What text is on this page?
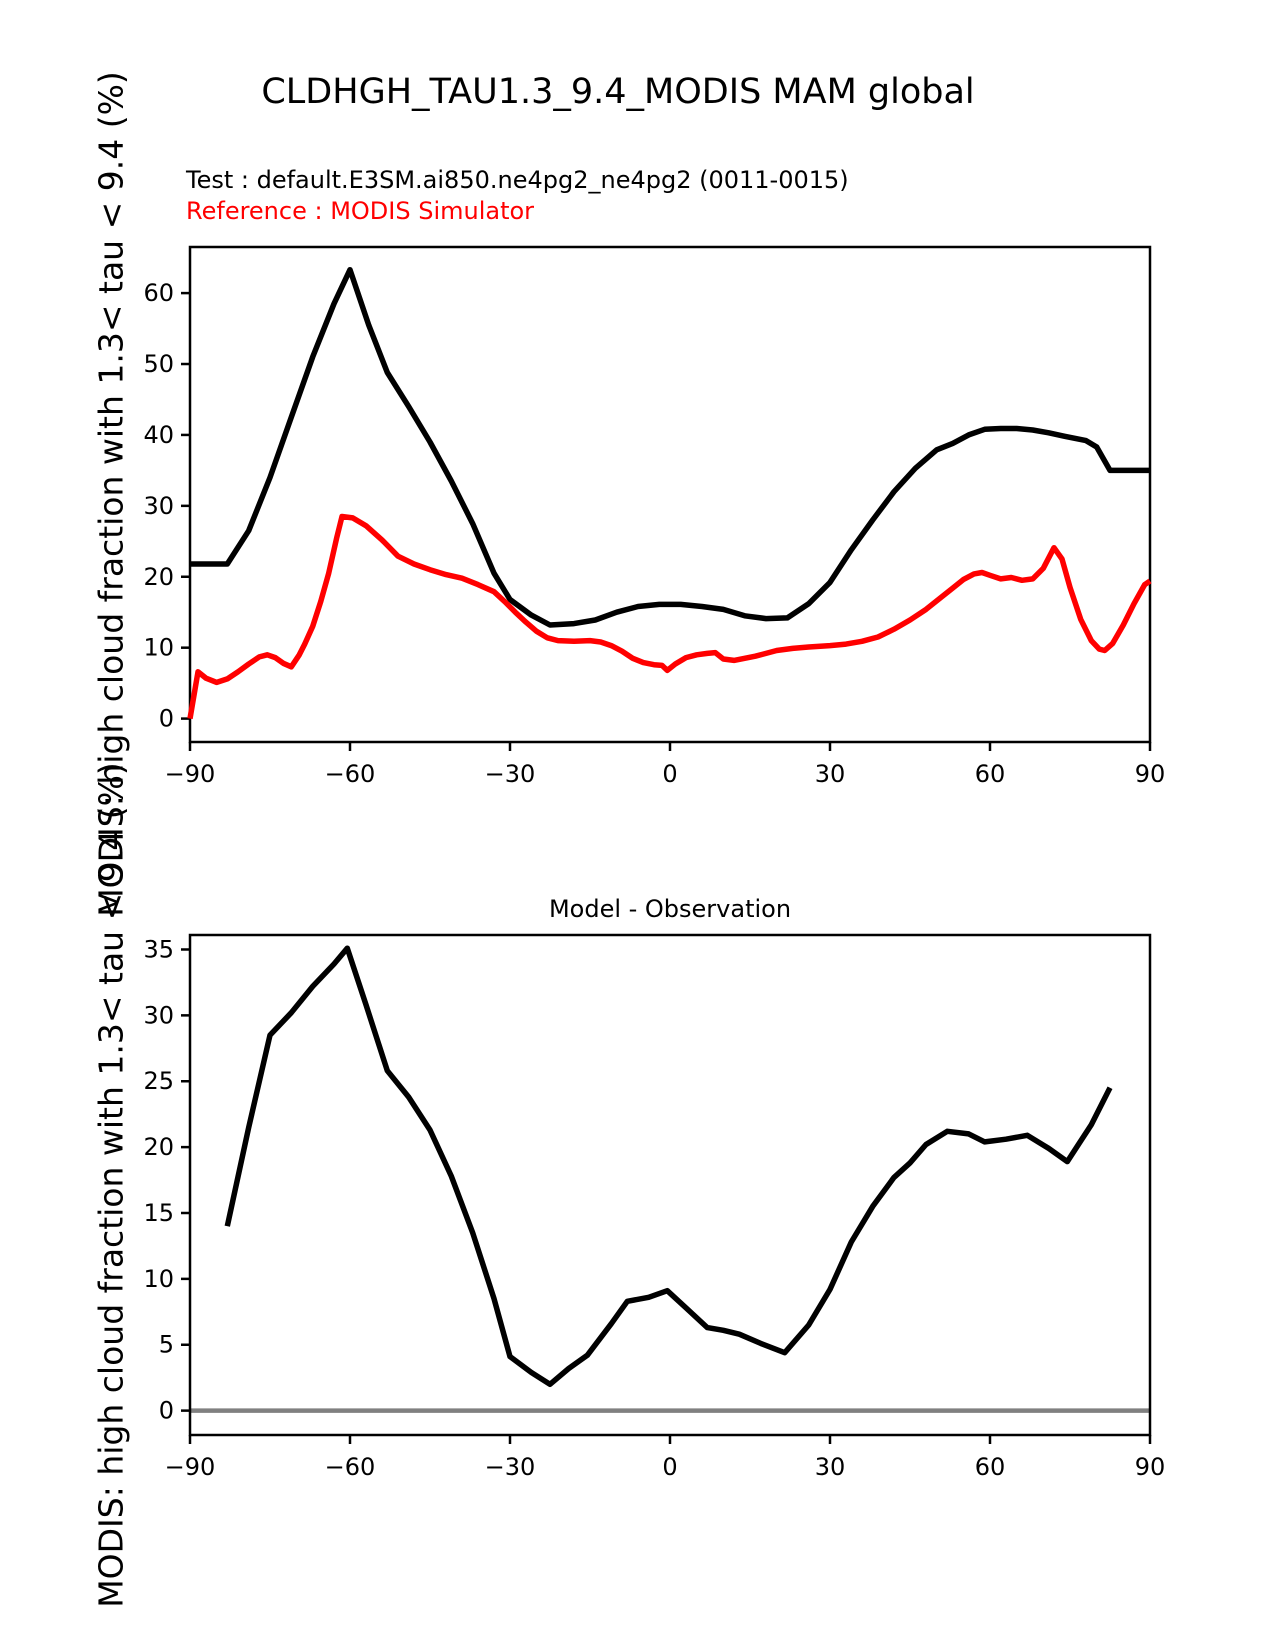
−90	−60	−30	0	30	60	90
0
10
20
30
40
50
60
Model - Observation
−90	−60	−30	0	30	60	90
0
5
10
15
20
25
30
35
CLDHGH_TAU1.3_9.4_MODIS MAM global
Test : default.E3SM.ai850.ne4pg2_ne4pg2 (0011-0015)
Reference : MODIS Simulator
MODIS: high cloud fraction with 1.3< tau < 9.4 (%)
MODIS: high cloud fraction with 1.3< tau < 9.4 (%)
